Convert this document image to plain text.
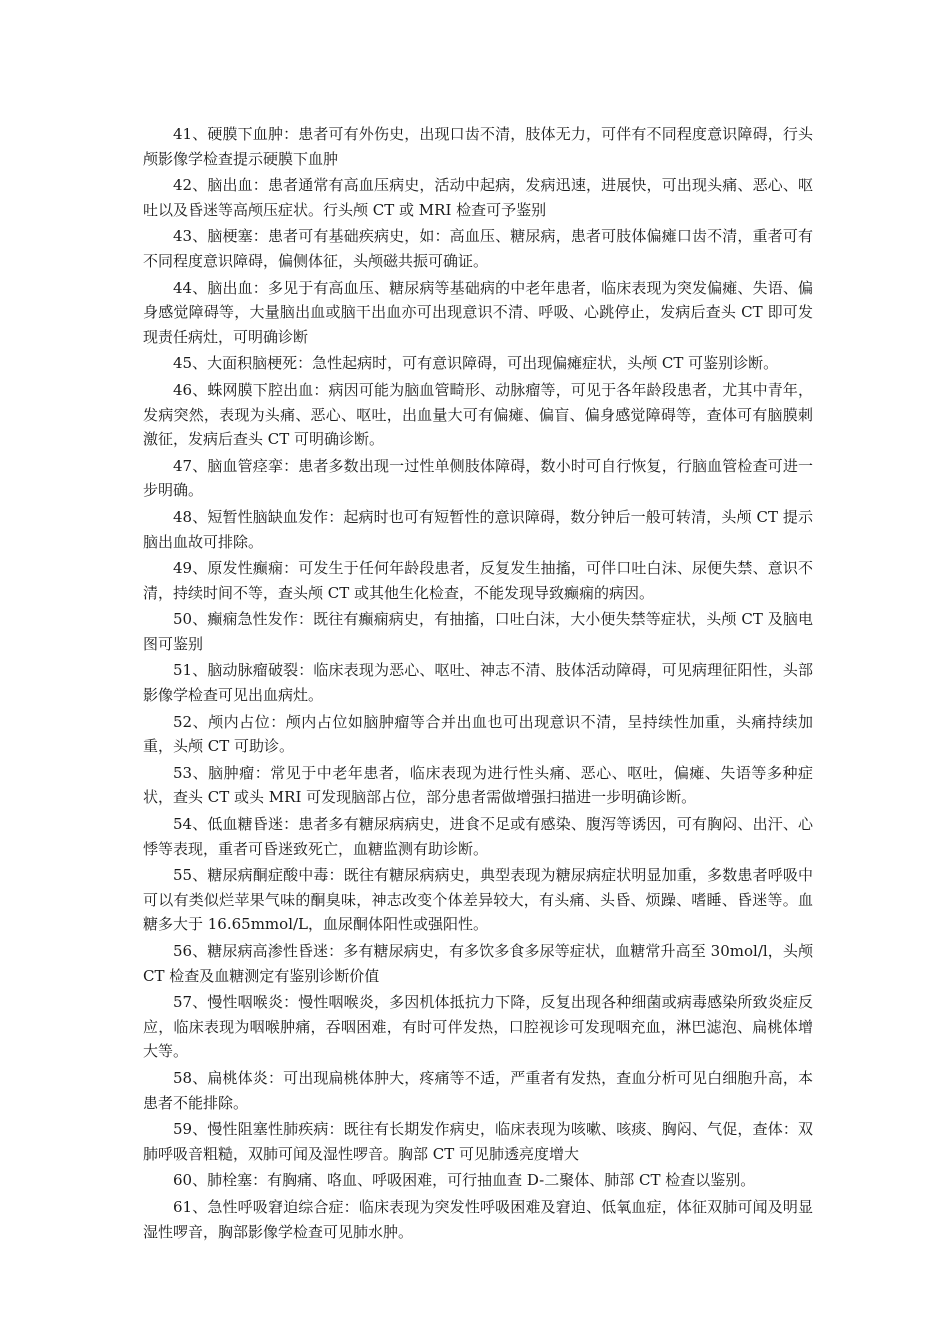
41、硬膜下血肿：患者可有外伤史，出现口齿不清，肢体无力，可伴有不同程度意识障碍，行头颅影像学检查提示硬膜下血肿

42、脑出血：患者通常有高血压病史，活动中起病，发病迅速，进展快，可出现头痛、恶心、呕吐以及昏迷等高颅压症状。行头颅 CT 或 MRI 检查可予鉴别

43、脑梗塞：患者可有基础疾病史，如：高血压、糖尿病，患者可肢体偏瘫口齿不清，重者可有不同程度意识障碍，偏侧体征，头颅磁共振可确证。

44、脑出血：多见于有高血压、糖尿病等基础病的中老年患者，临床表现为突发偏瘫、失语、偏身感觉障碍等，大量脑出血或脑干出血亦可出现意识不清、呼吸、心跳停止，发病后查头 CT 即可发现责任病灶，可明确诊断

45、大面积脑梗死：急性起病时，可有意识障碍，可出现偏瘫症状，头颅 CT 可鉴别诊断。

46、蛛网膜下腔出血：病因可能为脑血管畸形、动脉瘤等，可见于各年龄段患者，尤其中青年，发病突然，表现为头痛、恶心、呕吐，出血量大可有偏瘫、偏盲、偏身感觉障碍等，查体可有脑膜刺激征，发病后查头 CT 可明确诊断。

47、脑血管痉挛：患者多数出现一过性单侧肢体障碍，数小时可自行恢复，行脑血管检查可进一步明确。

48、短暂性脑缺血发作：起病时也可有短暂性的意识障碍，数分钟后一般可转清，头颅 CT 提示脑出血故可排除。

49、原发性癫痫：可发生于任何年龄段患者，反复发生抽搐，可伴口吐白沫、尿便失禁、意识不清，持续时间不等，查头颅 CT 或其他生化检查，不能发现导致癫痫的病因。

50、癫痫急性发作：既往有癫痫病史，有抽搐，口吐白沫，大小便失禁等症状，头颅 CT 及脑电图可鉴别

51、脑动脉瘤破裂：临床表现为恶心、呕吐、神志不清、肢体活动障碍，可见病理征阳性，头部影像学检查可见出血病灶。

52、颅内占位：颅内占位如脑肿瘤等合并出血也可出现意识不清，呈持续性加重，头痛持续加重，头颅 CT 可助诊。

53、脑肿瘤：常见于中老年患者，临床表现为进行性头痛、恶心、呕吐，偏瘫、失语等多种症状，查头 CT 或头 MRI 可发现脑部占位，部分患者需做增强扫描进一步明确诊断。

54、低血糖昏迷：患者多有糖尿病病史，进食不足或有感染、腹泻等诱因，可有胸闷、出汗、心悸等表现，重者可昏迷致死亡，血糖监测有助诊断。

55、糖尿病酮症酸中毒：既往有糖尿病病史，典型表现为糖尿病症状明显加重，多数患者呼吸中可以有类似烂苹果气味的酮臭味，神志改变个体差异较大，有头痛、头昏、烦躁、嗜睡、昏迷等。血糖多大于 16.65mmol/L，血尿酮体阳性或强阳性。

56、糖尿病高渗性昏迷：多有糖尿病史，有多饮多食多尿等症状，血糖常升高至 30mol/l，头颅 CT 检查及血糖测定有鉴别诊断价值

57、慢性咽喉炎：慢性咽喉炎，多因机体抵抗力下降，反复出现各种细菌或病毒感染所致炎症反应，临床表现为咽喉肿痛，吞咽困难，有时可伴发热，口腔视诊可发现咽充血，淋巴滤泡、扁桃体增大等。

58、扁桃体炎：可出现扁桃体肿大，疼痛等不适，严重者有发热，查血分析可见白细胞升高，本患者不能排除。

59、慢性阻塞性肺疾病：既往有长期发作病史，临床表现为咳嗽、咳痰、胸闷、气促，查体：双肺呼吸音粗糙，双肺可闻及湿性啰音。胸部 CT 可见肺透亮度增大

60、肺栓塞：有胸痛、咯血、呼吸困难，可行抽血查 D-二聚体、肺部 CT 检查以鉴别。

61、急性呼吸窘迫综合症：临床表现为突发性呼吸困难及窘迫、低氧血症，体征双肺可闻及明显湿性啰音，胸部影像学检查可见肺水肿。
